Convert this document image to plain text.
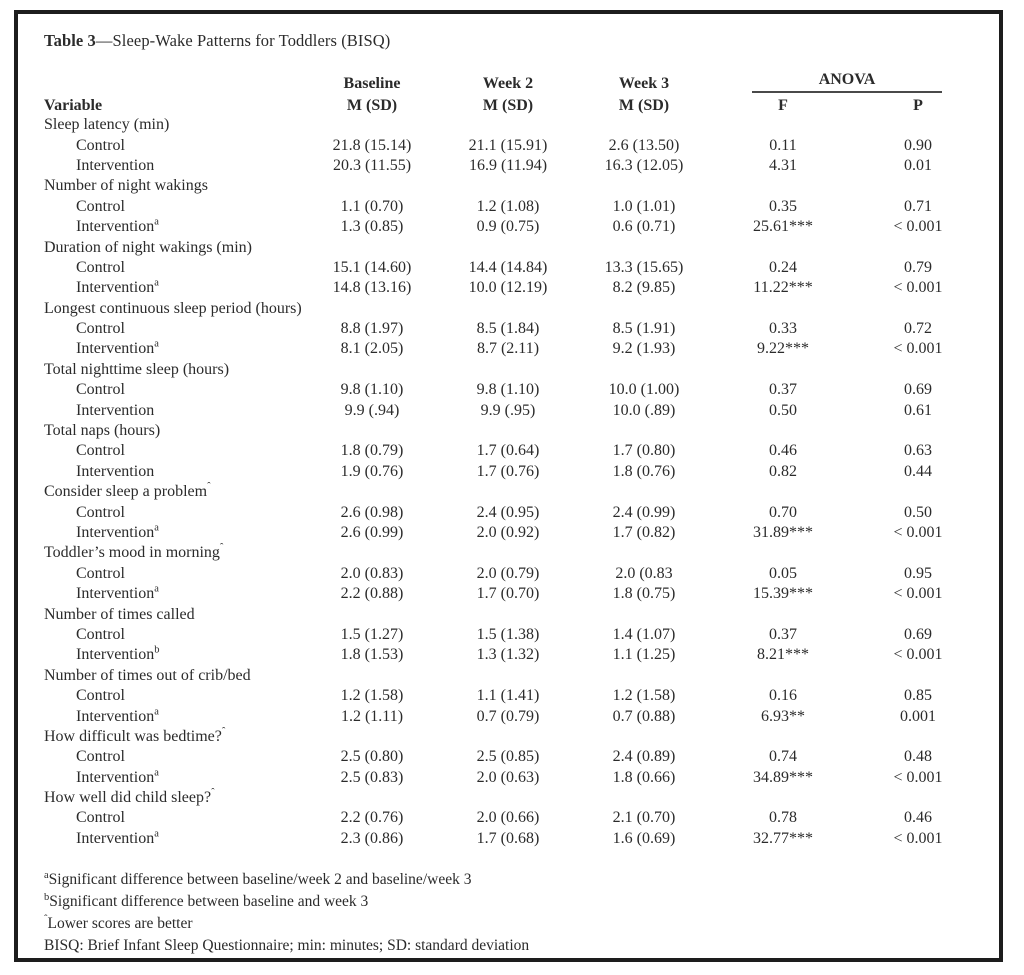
Table 3—Sleep-Wake Patterns for Toddlers (BISQ)
	Baseline	Week 2	Week 3	ANOVA	

Variable	M (SD)	M (SD)	M (SD)	F	P
Sleep latency (min)					
Control	21.8 (15.14)	21.1 (15.91)	2.6 (13.50)	0.11	0.90
Intervention	20.3 (11.55)	16.9 (11.94)	16.3 (12.05)	4.31	0.01
Number of night wakings					
Control	1.1 (0.70)	1.2 (1.08)	1.0 (1.01)	0.35	0.71
Intervention$^a$	1.3 (0.85)	0.9 (0.75)	0.6 (0.71)	25.61***	< 0.001
Duration of night wakings (min)					
Control	15.1 (14.60)	14.4 (14.84)	13.3 (15.65)	0.24	0.79
Intervention$^a$	14.8 (13.16)	10.0 (12.19)	8.2 (9.85)	11.22***	< 0.001
Longest continuous sleep period (hours)					
Control	8.8 (1.97)	8.5 (1.84)	8.5 (1.91)	0.33	0.72
Intervention$^a$	8.1 (2.05)	8.7 (2.11)	9.2 (1.93)	9.22***	< 0.001
Total nighttime sleep (hours)					
Control	9.8 (1.10)	9.8 (1.10)	10.0 (1.00)	0.37	0.69
Intervention	9.9 (.94)	9.9 (.95)	10.0 (.89)	0.50	0.61
Total naps (hours)					
Control	1.8 (0.79)	1.7 (0.64)	1.7 (0.80)	0.46	0.63
Intervention	1.9 (0.76)	1.7 (0.76)	1.8 (0.76)	0.82	0.44
Consider sleep a problem$^ˆ$
Control	2.6 (0.98)	2.4 (0.95)	2.4 (0.99)	0.70	0.50
Intervention$^a$	2.6 (0.99)	2.0 (0.92)	1.7 (0.82)	31.89***	< 0.001
Toddler’s mood in morning$^ˆ$
Control	2.0 (0.83)	2.0 (0.79)	2.0 (0.83	0.05	0.95
Intervention$^a$	2.2 (0.88)	1.7 (0.70)	1.8 (0.75)	15.39***	< 0.001
Number of times called					
Control	1.5 (1.27)	1.5 (1.38)	1.4 (1.07)	0.37	0.69
Intervention$^b$	1.8 (1.53)	1.3 (1.32)	1.1 (1.25)	8.21***	< 0.001
Number of times out of crib/bed					
Control	1.2 (1.58)	1.1 (1.41)	1.2 (1.58)	0.16	0.85
Intervention$^a$	1.2 (1.11)	0.7 (0.79)	0.7 (0.88)	6.93**	0.001
How difficult was bedtime?$^ˆ$
Control	2.5 (0.80)	2.5 (0.85)	2.4 (0.89)	0.74	0.48
Intervention$^a$	2.5 (0.83)	2.0 (0.63)	1.8 (0.66)	34.89***	< 0.001
How well did child sleep?$^ˆ$
Control	2.2 (0.76)	2.0 (0.66)	2.1 (0.70)	0.78	0.46
Intervention$^a$	2.3 (0.86)	1.7 (0.68)	1.6 (0.69)	32.77***	< 0.001
$^a$Significant difference between baseline/week 2 and baseline/week 3
$^b$Significant difference between baseline and week 3
$^ˆ$Lower scores are better
BISQ: Brief Infant Sleep Questionnaire; min: minutes; SD: standard deviation
